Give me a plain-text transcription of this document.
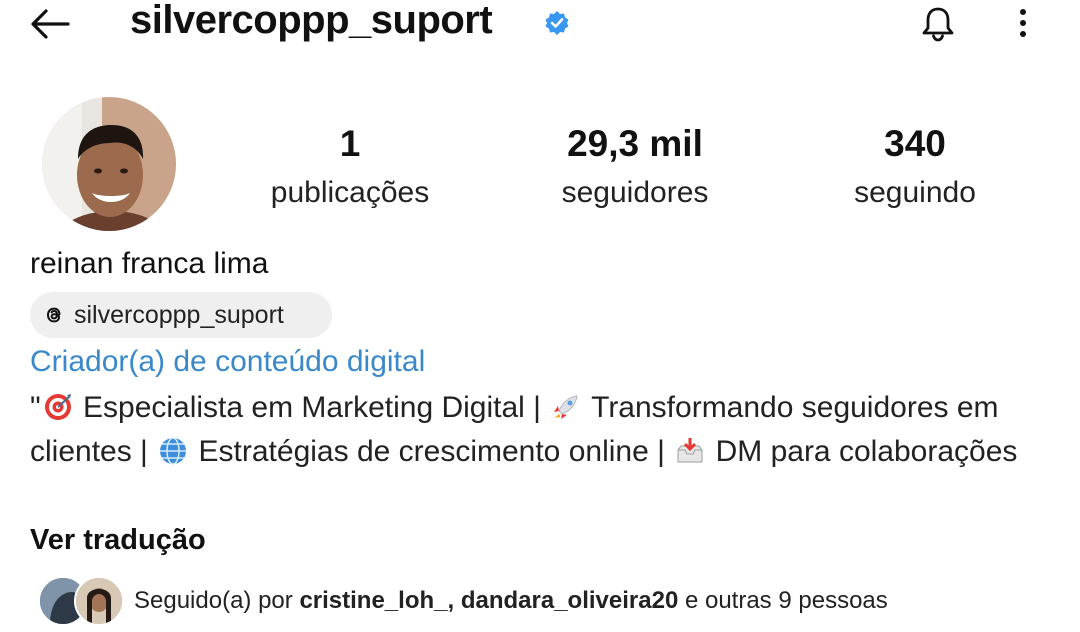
silvercoppp_suport
1
publicações
29,3 mil
seguidores
340
seguindo
reinan franca lima
silvercoppp_suport
Criador(a) de conteúdo digital
" Especialista em Marketing Digital |  Transformando seguidores em clientes |  Estratégias de crescimento online |  DM para colaborações
Ver tradução
Seguido(a) por cristine_loh_, dandara_oliveira20 e outras 9 pessoas
